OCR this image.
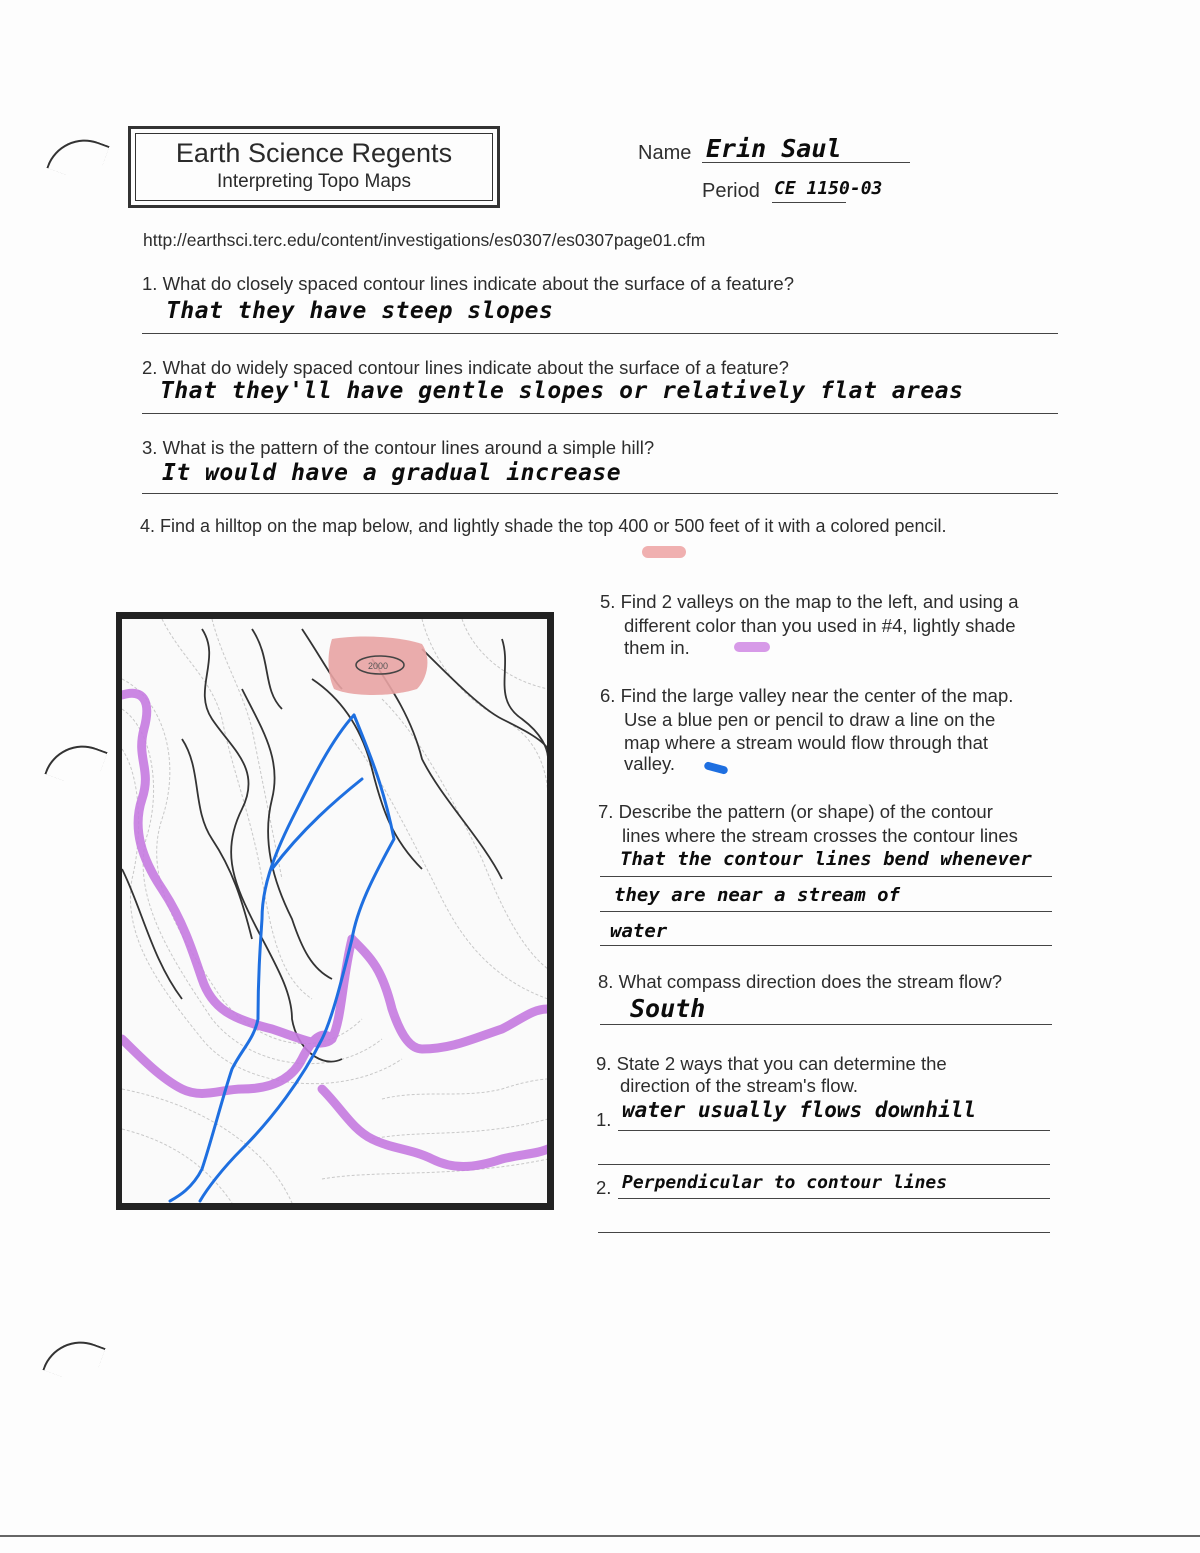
Earth Science Regents
Interpreting Topo Maps
Name Erin Saul
Period CE 1150-03
http://earthsci.terc.edu/content/investigations/es0307/es0307page01.cfm
1. What do closely spaced contour lines indicate about the surface of a feature?
That they have steep slopes
2. What do widely spaced contour lines indicate about the surface of a feature?
That they'll have gentle slopes or relatively flat areas
3. What is the pattern of the contour lines around a simple hill?
It would have a gradual increase
4. Find a hilltop on the map below, and lightly shade the top 400 or 500 feet of it with a colored pencil.
2000
5. Find 2 valleys on the map to the left, and using a
different color than you used in #4, lightly shade
them in.
6. Find the large valley near the center of the map.
Use a blue pen or pencil to draw a line on the
map where a stream would flow through that
valley.
7. Describe the pattern (or shape) of the contour
lines where the stream crosses the contour lines
That the contour lines bend whenever
they are near a stream of
water
8. What compass direction does the stream flow?
South
9. State 2 ways that you can determine the
direction of the stream's flow.
1. water usually flows downhill
2. Perpendicular to contour lines
